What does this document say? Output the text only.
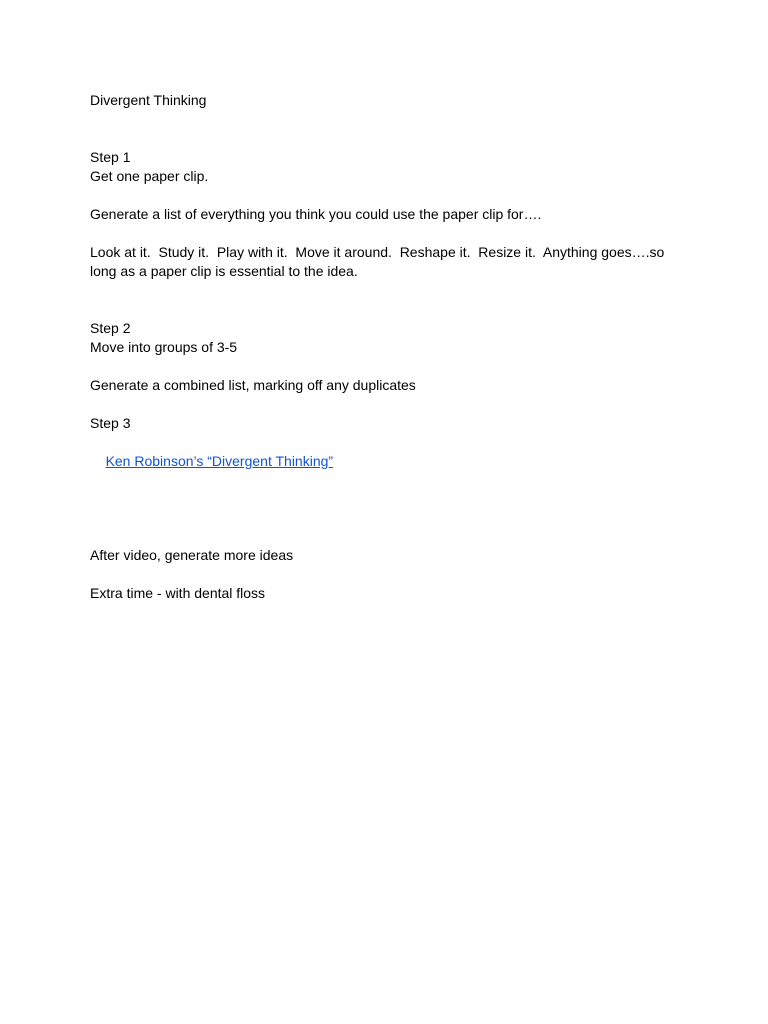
Divergent Thinking
Step 1
Get one paper clip.
Generate a list of everything you think you could use the paper clip for….
Look at it.  Study it.  Play with it.  Move it around.  Reshape it.  Resize it.  Anything goes….so long as a paper clip is essential to the idea.
Step 2
Move into groups of 3-5
Generate a combined list, marking off any duplicates
Step 3

Ken Robinson’s “Divergent Thinking”

After video, generate more ideas
Extra time - with dental floss
